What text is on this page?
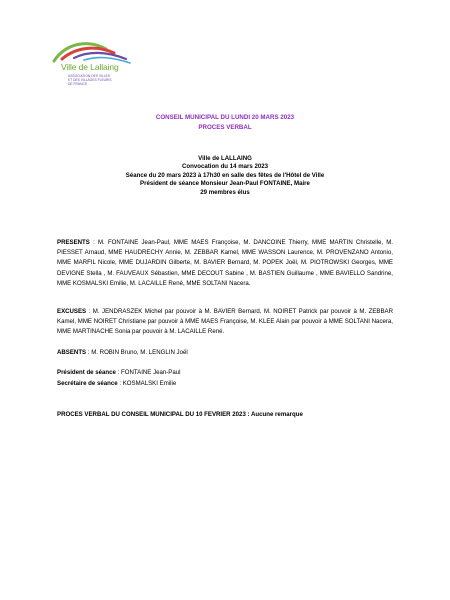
Ville de Lallaing
ASSOCIATION DES VILLES
ET DES VILLAGES FLEURIS
DE FRANCE
CONSEIL MUNICIPAL DU LUNDI 20 MARS 2023
PROCES VERBAL
Ville de LALLAING
Convocation du 14 mars 2023
Séance du 20 mars 2023 à 17h30 en salle des fêtes de l'Hôtel de Ville
Président de séance Monsieur Jean-Paul FONTAINE, Maire
29 membres élus
PRESENTS : M. FONTAINE Jean-Paul, MME MAES Françoise, M. DANCOINE Thierry, MME MARTIN Christelle, M. PIESSET Arnaud, MME HAUDRECHY Annie, M. ZEBBAR Kamel, MME WASSON Laurence, M. PROVENZANO Antonio, MME MARFIL Nicole, MME DUJARDIN Gilberte, M. BAVIER Bernard, M. POPEK Joël, M. PIOTROWSKI Georges, MME DEVIGNE Stella , M. FAUVEAUX Sébastien, MME DECOUT Sabine , M. BASTIEN Guillaume , MME BAVIELLO Sandrine, MME KOSMALSKI Emilie, M. LACAILLE René, MME SOLTANI Nacera.
EXCUSES : M. JENDRASZEK Michel par pouvoir à M. BAVIER Bernard, M. NOIRET Patrick par pouvoir à M. ZEBBAR Kamel, MME NOIRET Christiane par pouvoir à MME MAES Françoise, M. KLEE Alain par pouvoir à MME SOLTANI Nacera, MME MARTINACHE Sonia par pouvoir à M. LACAILLE René.
ABSENTS : M. ROBIN Bruno, M. LENGLIN Joël
Président de séance : FONTAINE Jean-Paul
Secrétaire de séance : KOSMALSKI Emilie
PROCES VERBAL DU CONSEIL MUNICIPAL DU 10 FEVRIER 2023 : Aucune remarque
